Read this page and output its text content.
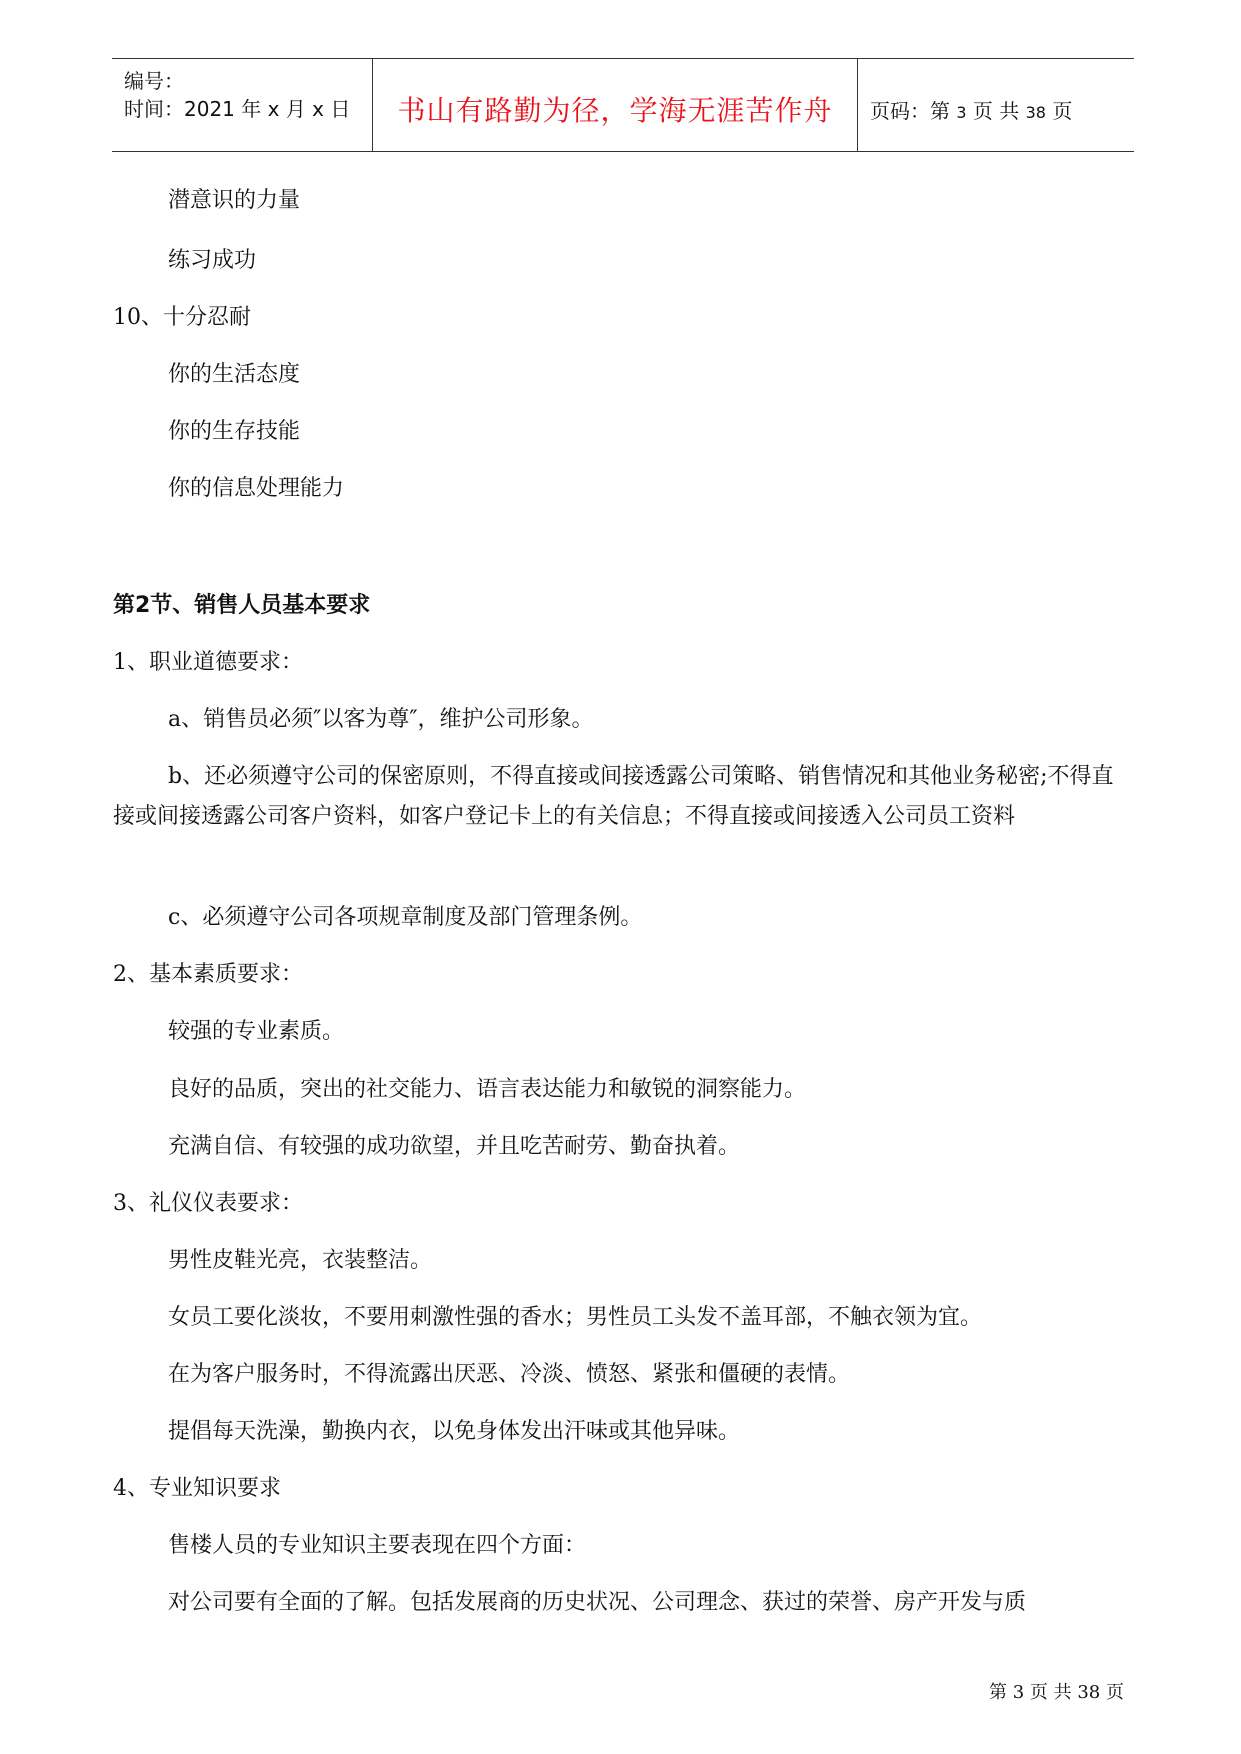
编号：
时间：2021 年 x 月 x 日	书山有路勤为径，学海无涯苦作舟	页码：第 3 页 共 38 页
潜意识的力量
练习成功
10、十分忍耐
你的生活态度
你的生存技能
你的信息处理能力
第2节、销售人员基本要求
1、职业道德要求：
a、销售员必须″以客为尊″，维护公司形象。
b、还必须遵守公司的保密原则，不得直接或间接透露公司策略、销售情况和其他业务秘密;不得直接或间接透露公司客户资料，如客户登记卡上的有关信息；不得直接或间接透入公司员工资料
c、必须遵守公司各项规章制度及部门管理条例。
2、基本素质要求：
较强的专业素质。
良好的品质，突出的社交能力、语言表达能力和敏锐的洞察能力。
充满自信、有较强的成功欲望，并且吃苦耐劳、勤奋执着。
3、礼仪仪表要求：
男性皮鞋光亮，衣装整洁。
女员工要化淡妆，不要用刺激性强的香水；男性员工头发不盖耳部，不触衣领为宜。
在为客户服务时，不得流露出厌恶、冷淡、愤怒、紧张和僵硬的表情。
提倡每天洗澡，勤换内衣，以免身体发出汗味或其他异味。
4、专业知识要求
售楼人员的专业知识主要表现在四个方面：
对公司要有全面的了解。包括发展商的历史状况、公司理念、获过的荣誉、房产开发与质
第 3 页 共 38 页
